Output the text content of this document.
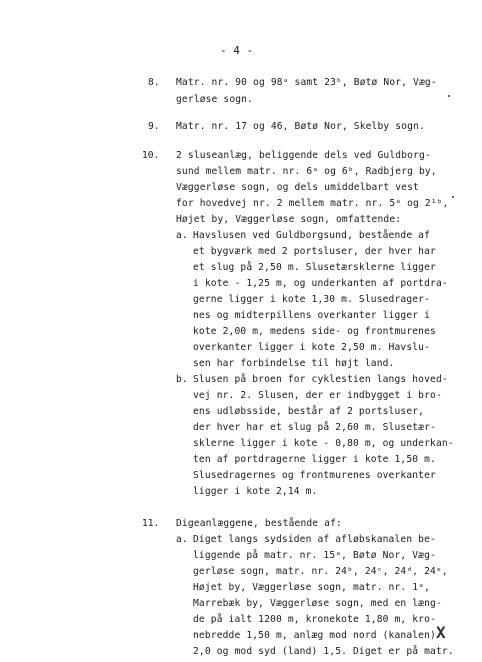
- 4 -
8. Matr. nr. 90 og 98ᵃ samt 23ᵇ, Bøtø Nor, Væg-
gerløse sogn.
9. Matr. nr. 17 og 46, Bøtø Nor, Skelby sogn.
10. 2 sluseanlæg, beliggende dels ved Guldborg-
sund mellem matr. nr. 6ᵃ og 6ᵇ, Radbjerg by,
Væggerløse sogn, og dels umiddelbart vest
for hovedvej nr. 2 mellem matr. nr. 5ᵃ og 2¹ᵇ,
Højet by, Væggerløse sogn, omfattende:
a. Havslusen ved Guldborgsund, bestående af
et bygværk med 2 portsluser, der hver har
et slug på 2,50 m. Slusetærsklerne ligger
i kote - 1,25 m, og underkanten af portdra-
gerne ligger i kote 1,30 m. Slusedrager-
nes og midterpillens overkanter ligger i
kote 2,00 m, medens side- og frontmurenes
overkanter ligger i kote 2,50 m. Havslu-
sen har forbindelse til højt land.
b. Slusen på broen for cyklestien langs hoved-
vej nr. 2. Slusen, der er indbygget i bro-
ens udløbsside, består af 2 portsluser,
der hver har et slug på 2,60 m. Slusetær-
sklerne ligger i kote - 0,80 m, og underkan-
ten af portdragerne ligger i kote 1,50 m.
Slusedragernes og frontmurenes overkanter
ligger i kote 2,14 m.
11. Digeanlæggene, bestående af:
a. Diget langs sydsiden af afløbskanalen be-
liggende på matr. nr. 15ᵃ, Bøtø Nor, Væg-
gerløse sogn, matr. nr. 24ᵇ, 24ᶜ, 24ᵈ, 24ᵉ,
Højet by, Væggerløse sogn, matr. nr. 1ᵃ,
Marrebæk by, Væggerløse sogn, med en læng-
de på ialt 1200 m, kronekote 1,80 m, kro-
nebredde 1,50 m, anlæg mod nord (kanalen)
2,0 og mod syd (land) 1,5. Diget er på matr.
X
